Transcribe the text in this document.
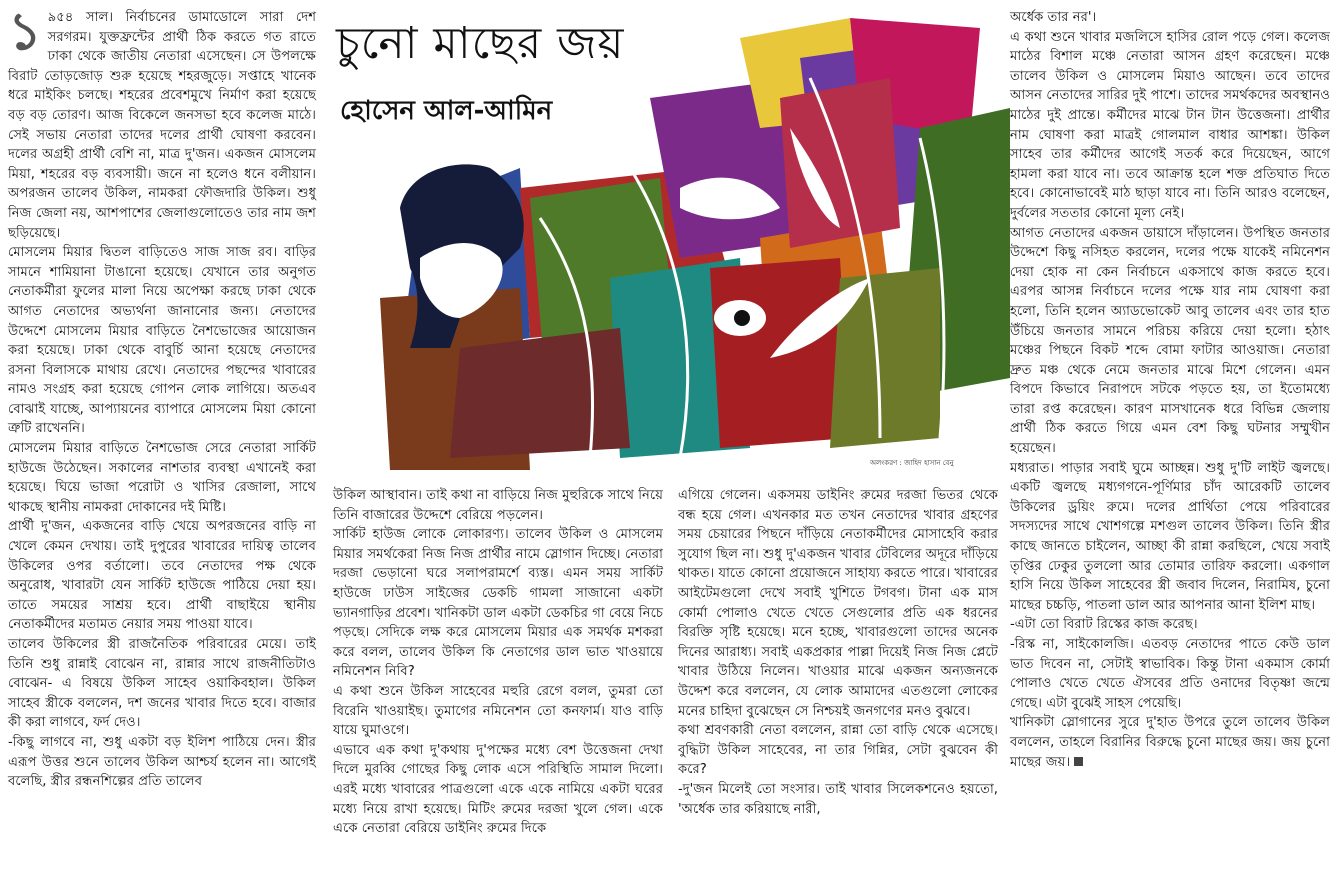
চুনো মাছের জয়
হোসেন আল-আমিন
অলংকরণ : জাহিদ হাসান বেনু
১ ৯৫৪ সাল। নির্বাচনের ডামাডোলে সারা দেশ সরগরম। যুক্তফ্রন্টের প্রার্থী ঠিক করতে গত রাতে ঢাকা থেকে জাতীয় নেতারা এসেছেন। সে উপলক্ষে বিরাট তোড়জোড় শুরু হয়েছে শহরজুড়ে। সপ্তাহে খানেক ধরে মাইকিং চলছে। শহরের প্রবেশমুখে নির্মাণ করা হয়েছে বড় বড় তোরণ। আজ বিকেলে জনসভা হবে কলেজ মাঠে। সেই সভায় নেতারা তাদের দলের প্রার্থী ঘোষণা করবেন। দলের অগ্রহী প্রার্থী বেশি না, মাত্র দু'জন। একজন মোসলেম মিয়া, শহরের বড় ব্যবসায়ী। জনে না হলেও ধনে বলীয়ান। অপরজন তালেব উকিল, নামকরা ফৌজদারি উকিল। শুধু নিজ জেলা নয়, আশপাশের জেলাগুলোতেও তার নাম জশ ছড়িয়েছে।

মোসলেম মিয়ার দ্বিতল বাড়িতেও সাজ সাজ রব। বাড়ির সামনে শামিয়ানা টাঙানো হয়েছে। যেখানে তার অনুগত নেতাকর্মীরা ফুলের মালা নিয়ে অপেক্ষা করছে ঢাকা থেকে আগত নেতাদের অভ্যর্থনা জানানোর জন্য। নেতাদের উদ্দেশে মোসলেম মিয়ার বাড়িতে নৈশভোজের আয়োজন করা হয়েছে। ঢাকা থেকে বাবুর্চি আনা হয়েছে নেতাদের রসনা বিলাসকে মাথায় রেখে। নেতাদের পছন্দের খাবারের নামও সংগ্রহ করা হয়েছে গোপন লোক লাগিয়ে। অতএব বোঝাই যাচ্ছে, আপ্যায়নের ব্যাপারে মোসলেম মিয়া কোনো ত্রুটি রাখেননি।

মোসলেম মিয়ার বাড়িতে নৈশভোজ সেরে নেতারা সার্কিট হাউজে উঠেছেন। সকালের নাশতার ব্যবস্থা এখানেই করা হয়েছে। ঘিয়ে ভাজা পরোটা ও খাসির রেজালা, সাথে থাকছে স্থানীয় নামকরা দোকানের দই মিষ্টি।

প্রার্থী দু'জন, একজনের বাড়ি খেয়ে অপরজনের বাড়ি না খেলে কেমন দেখায়। তাই দুপুরের খাবারের দায়িত্ব তালেব উকিলের ওপর বর্তালো। তবে নেতাদের পক্ষ থেকে অনুরোধ, খাবারটা যেন সার্কিট হাউজে পাঠিয়ে দেয়া হয়। তাতে সময়ের সাশ্রয় হবে। প্রার্থী বাছাইয়ে স্থানীয় নেতাকর্মীদের মতামত নেয়ার সময় পাওয়া যাবে।

তালেব উকিলের স্ত্রী রাজনৈতিক পরিবারের মেয়ে। তাই তিনি শুধু রান্নাই বোঝেন না, রান্নার সাথে রাজনীতিটাও বোঝেন- এ বিষয়ে উকিল সাহেব ওয়াকিবহাল। উকিল সাহেব স্ত্রীকে বললেন, দশ জনের খাবার দিতে হবে। বাজার কী করা লাগবে, ফর্দ দেও।

-কিছু লাগবে না, শুধু একটা বড় ইলিশ পাঠিয়ে দেন। স্ত্রীর এরূপ উত্তর শুনে তালেব উকিল আশ্চর্য হলেন না। আগেই বলেছি, স্ত্রীর রন্ধনশিল্পের প্রতি তালেব

উকিল আস্থাবান। তাই কথা না বাড়িয়ে নিজ মুহুরিকে সাথে নিয়ে তিনি বাজারের উদ্দেশে বেরিয়ে পড়লেন।

সার্কিট হাউজ লোকে লোকারণ্য। তালেব উকিল ও মোসলেম মিয়ার সমর্থকেরা নিজ নিজ প্রার্থীর নামে স্লোগান দিচ্ছে। নেতারা দরজা ভেড়ানো ঘরে সলাপরামর্শে ব্যস্ত। এমন সময় সার্কিট হাউজে ঢাউস সাইজের ডেকচি গামলা সাজানো একটা ভ্যানগাড়ির প্রবেশ। খানিকটা ডাল একটা ডেকচির গা বেয়ে নিচে পড়ছে। সেদিকে লক্ষ করে মোসলেম মিয়ার এক সমর্থক মশকরা করে বলল, তালেব উকিল কি নেতাগের ডাল ভাত খাওয়ায়ে নমিনেশন নিবি?

এ কথা শুনে উকিল সাহেবের মহুরি রেগে বলল, তুমরা তো বিরেনি খাওয়াইছ। তুমাগের নমিনেশন তো কনফার্ম। যাও বাড়ি যায়ে ঘুমাওগে।

এভাবে এক কথা দু'কথায় দু'পক্ষের মধ্যে বেশ উত্তেজনা দেখা দিলে মুরব্বি গোছের কিছু লোক এসে পরিস্থিতি সামাল দিলো। এরই মধ্যে খাবারের পাত্রগুলো একে একে নামিয়ে একটা ঘরের মধ্যে নিয়ে রাখা হয়েছে। মিটিং রুমের দরজা খুলে গেল। একে একে নেতারা বেরিয়ে ডাইনিং রুমের দিকে

এগিয়ে গেলেন। একসময় ডাইনিং রুমের দরজা ভিতর থেকে বন্ধ হয়ে গেল। এখনকার মত তখন নেতাদের খাবার গ্রহণের সময় চেয়ারের পিছনে দাঁড়িয়ে নেতাকর্মীদের মোসাহেবি করার সুযোগ ছিল না। শুধু দু'একজন খাবার টেবিলের অদূরে দাঁড়িয়ে থাকত। যাতে কোনো প্রয়োজনে সাহায্য করতে পারে। খাবারের আইটেমগুলো দেখে সবাই খুশিতে টগবগ। টানা এক মাস কোর্মা পোলাও খেতে খেতে সেগুলোর প্রতি এক ধরনের বিরক্তি সৃষ্টি হয়েছে। মনে হচ্ছে, খাবারগুলো তাদের অনেক দিনের আরাধ্য। সবাই একপ্রকার পাল্লা দিয়েই নিজ নিজ প্লেটে খাবার উঠিয়ে নিলেন। খাওয়ার মাঝে একজন অন্যজনকে উদ্দেশ করে বললেন, যে লোক আমাদের এতগুলো লোকের মনের চাহিদা বুঝেছেন সে নিশ্চয়ই জনগণের মনও বুঝবে।

কথা শ্রবণকারী নেতা বললেন, রান্না তো বাড়ি থেকে এসেছে। বুদ্ধিটা উকিল সাহেবের, না তার গিন্নির, সেটা বুঝবেন কী করে?

-দু'জন মিলেই তো সংসার। তাই খাবার সিলেকশনেও হয়তো, 'অর্ধেক তার করিয়াছে নারী,

অর্ধেক তার নর'।

এ কথা শুনে খাবার মজলিসে হাসির রোল পড়ে গেল। কলেজ মাঠের বিশাল মঞ্চে নেতারা আসন গ্রহণ করেছেন। মঞ্চে তালেব উকিল ও মোসলেম মিয়াও আছেন। তবে তাদের আসন নেতাদের সারির দুই পাশে। তাদের সমর্থকদের অবস্থানও মাঠের দুই প্রান্তে। কর্মীদের মাঝে টান টান উত্তেজনা। প্রার্থীর নাম ঘোষণা করা মাত্রই গোলমাল বাধার আশঙ্কা। উকিল সাহেব তার কর্মীদের আগেই সতর্ক করে দিয়েছেন, আগে হামলা করা যাবে না। তবে আক্রান্ত হলে শক্ত প্রতিঘাত দিতে হবে। কোনোভাবেই মাঠ ছাড়া যাবে না। তিনি আরও বলেছেন, দুর্বলের সততার কোনো মূল্য নেই।

আগত নেতাদের একজন ডায়াসে দাঁড়ালেন। উপস্থিত জনতার উদ্দেশে কিছু নসিহত করলেন, দলের পক্ষে যাকেই নমিনেশন দেয়া হোক না কেন নির্বাচনে একসাথে কাজ করতে হবে। এরপর আসন্ন নির্বাচনে দলের পক্ষে যার নাম ঘোষণা করা হলো, তিনি হলেন অ্যাডভোকেট আবু তালেব এবং তার হাত উঁচিয়ে জনতার সামনে পরিচয় করিয়ে দেয়া হলো। হঠাৎ মঞ্চের পিছনে বিকট শব্দে বোমা ফাটার আওয়াজ। নেতারা দ্রুত মঞ্চ থেকে নেমে জনতার মাঝে মিশে গেলেন। এমন বিপদে কিভাবে নিরাপদে সটকে পড়তে হয়, তা ইতোমধ্যে তারা রপ্ত করেছেন। কারণ মাসখানেক ধরে বিভিন্ন জেলায় প্রার্থী ঠিক করতে গিয়ে এমন বেশ কিছু ঘটনার সম্মুখীন হয়েছেন।

মধ্যরাত। পাড়ার সবাই ঘুমে আচ্ছন্ন। শুধু দু'টি লাইট জ্বলছে। একটি জ্বলছে মধ্যগগনে-পূর্ণিমার চাঁদ আরেকটি তালেব উকিলের ড্রয়িং রুমে। দলের প্রার্থিতা পেয়ে পরিবারের সদস্যদের সাথে খোশগল্পে মশগুল তালেব উকিল। তিনি স্ত্রীর কাছে জানতে চাইলেন, আচ্ছা কী রান্না করছিলে, খেয়ে সবাই তৃপ্তির ঢেকুর তুললো আর তোমার তারিফ করলো। একগাল হাসি নিয়ে উকিল সাহেবের স্ত্রী জবাব দিলেন, নিরামিষ, চুনো মাছের চচ্চড়ি, পাতলা ডাল আর আপনার আনা ইলিশ মাছ।

-এটা তো বিরাট রিস্কের কাজ করেছ।

-রিস্ক না, সাইকোলজি। এতবড় নেতাদের পাতে কেউ ডাল ভাত দিবেন না, সেটাই স্বাভাবিক। কিন্তু টানা একমাস কোর্মা পোলাও খেতে খেতে ঐসবের প্রতি ওনাদের বিতৃষ্ণা জন্মে গেছে। এটা বুঝেই সাহস পেয়েছি।

খানিকটা স্লোগানের সুরে দু'হাত উপরে তুলে তালেব উকিল বললেন, তাহলে বিরানির বিরুদ্ধে চুনো মাছের জয়। জয় চুনো মাছের জয়।
